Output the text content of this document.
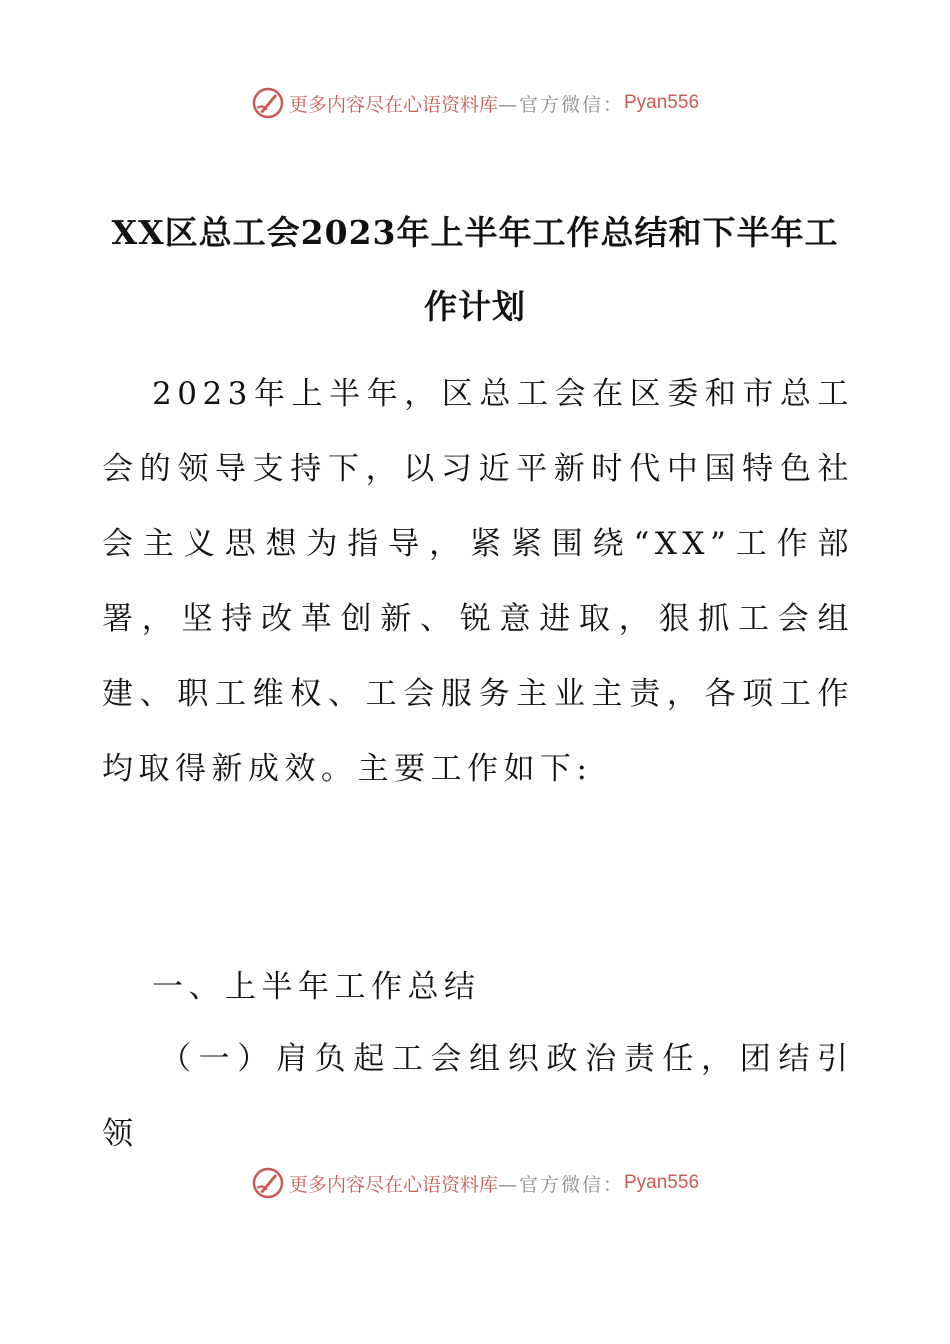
更多内容尽在心语资料库 —官方微信： Pyan556
XX区总工会2023年上半年工作总结和下半年工作计划

2023年上半年，区总工会在区委和市总工会的领导支持下，以习近平新时代中国特色社会主义思想为指导，紧紧围绕“XX”工作部署，坚持改革创新、锐意进取，狠抓工会组建、职工维权、工会服务主业主责，各项工作均取得新成效。主要工作如下:

一、上半年工作总结

（一）肩负起工会组织政治责任，团结引领

更多内容尽在心语资料库 —官方微信： Pyan556
